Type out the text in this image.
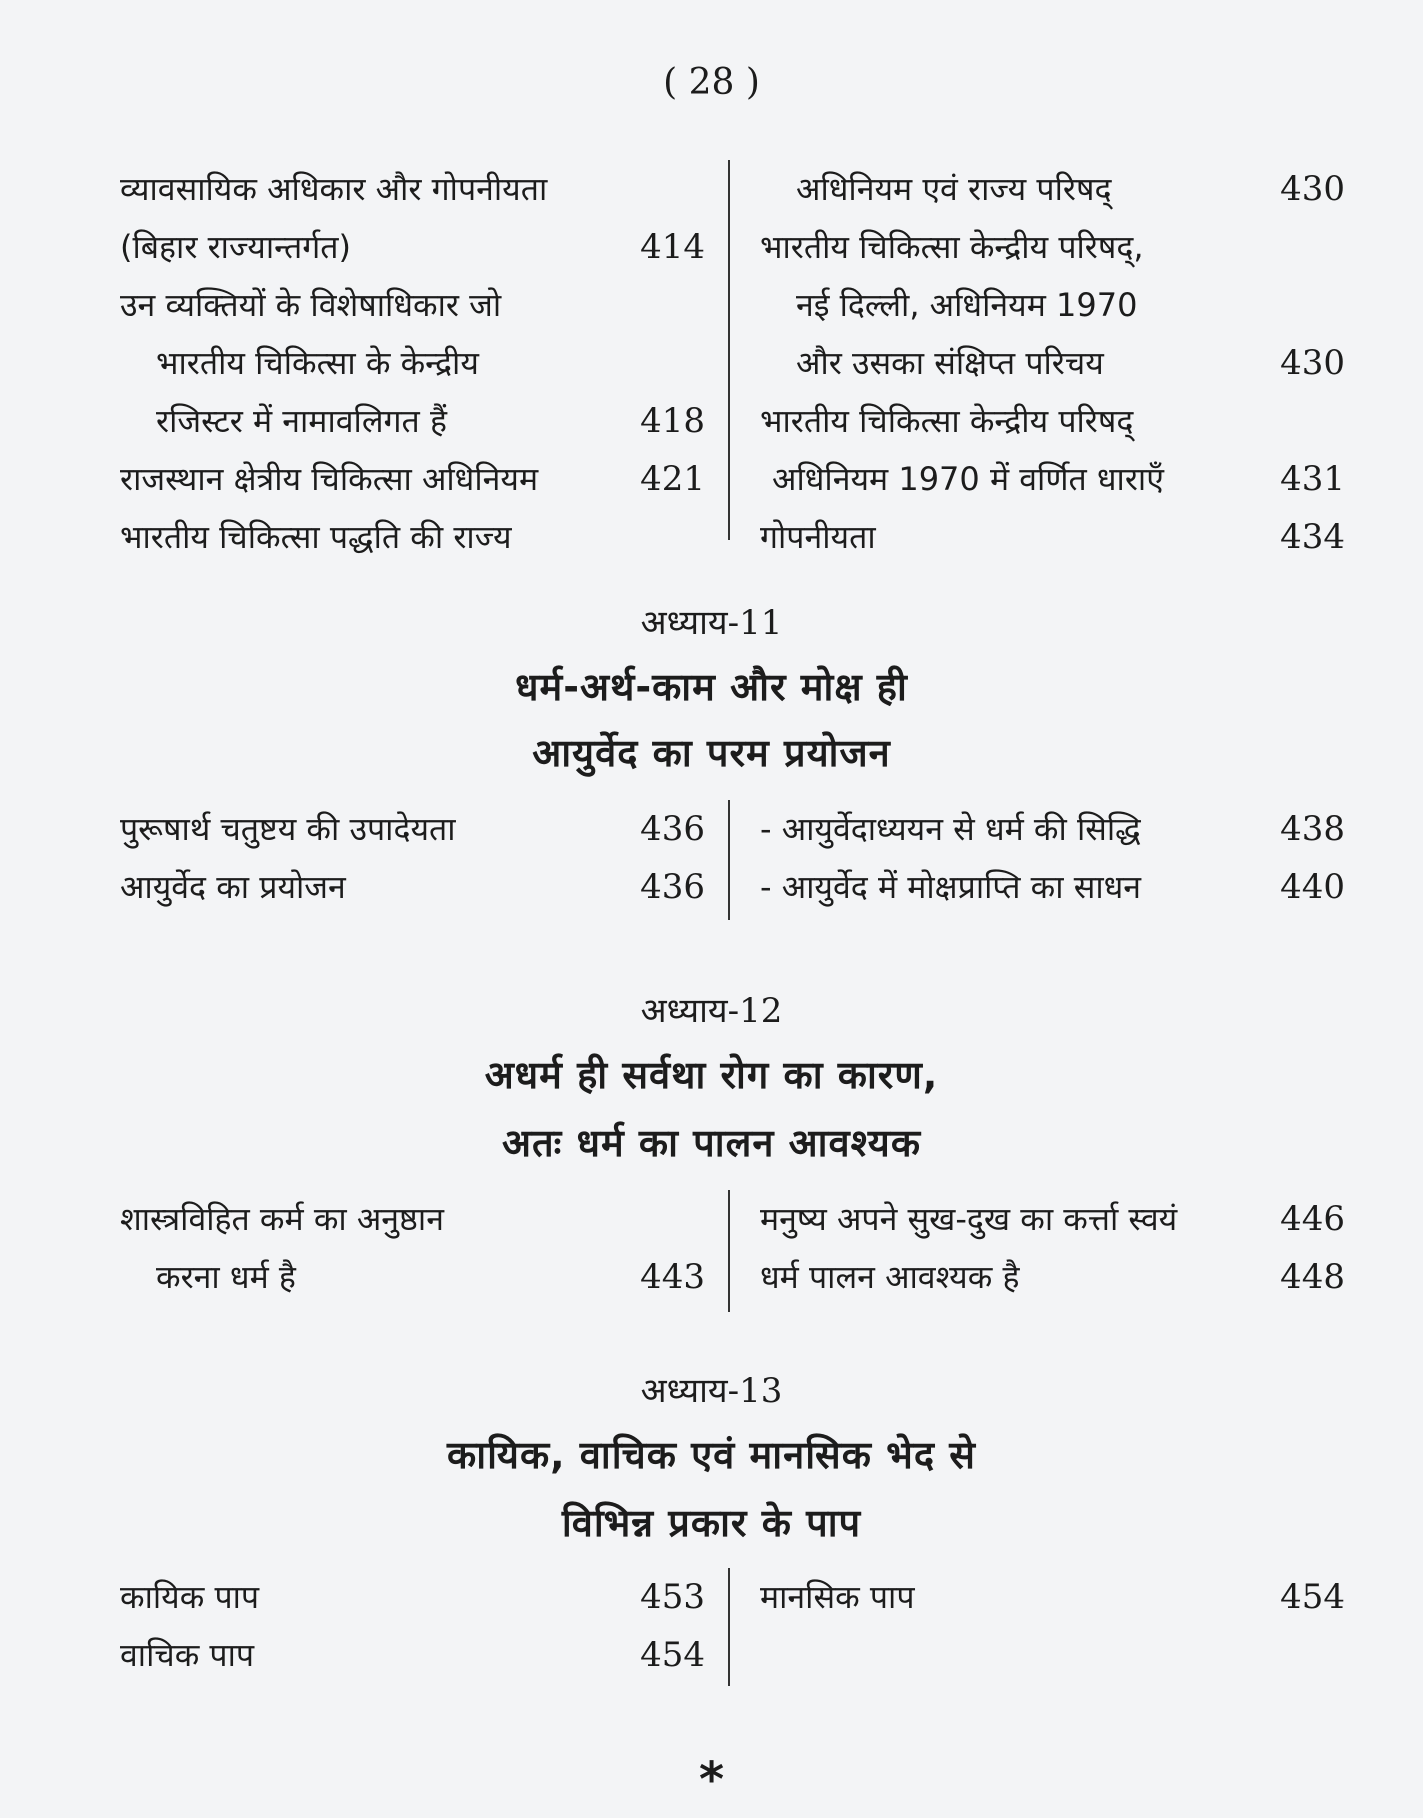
( 28 )
व्यावसायिक अधिकार और गोपनीयता
(बिहार राज्यान्तर्गत)	414
उन व्यक्तियों के विशेषाधिकार जो
भारतीय चिकित्सा के केन्द्रीय
रजिस्टर में नामावलिगत हैं	418
राजस्थान क्षेत्रीय चिकित्सा अधिनियम	421
भारतीय चिकित्सा पद्धति की राज्य
अधिनियम एवं राज्य परिषद्	430
भारतीय चिकित्सा केन्द्रीय परिषद्,
नई दिल्ली, अधिनियम 1970
और उसका संक्षिप्त परिचय	430
भारतीय चिकित्सा केन्द्रीय परिषद्
अधिनियम 1970 में वर्णित धाराएँ	431
गोपनीयता	434
अध्याय-11
धर्म-अर्थ-काम और मोक्ष ही
आयुर्वेद का परम प्रयोजन
पुरूषार्थ चतुष्टय की उपादेयता	436
आयुर्वेद का प्रयोजन	436
- आयुर्वेदाध्ययन से धर्म की सिद्धि	438
- आयुर्वेद में मोक्षप्राप्ति का साधन	440
अध्याय-12
अधर्म ही सर्वथा रोग का कारण,
अतः धर्म का पालन आवश्यक
शास्त्रविहित कर्म का अनुष्ठान
करना धर्म है	443
मनुष्य अपने सुख-दुख का कर्त्ता स्वयं	446
धर्म पालन आवश्यक है	448
अध्याय-13
कायिक, वाचिक एवं मानसिक भेद से
विभिन्न प्रकार के पाप
कायिक पाप	453
वाचिक पाप	454
मानसिक पाप	454
*
